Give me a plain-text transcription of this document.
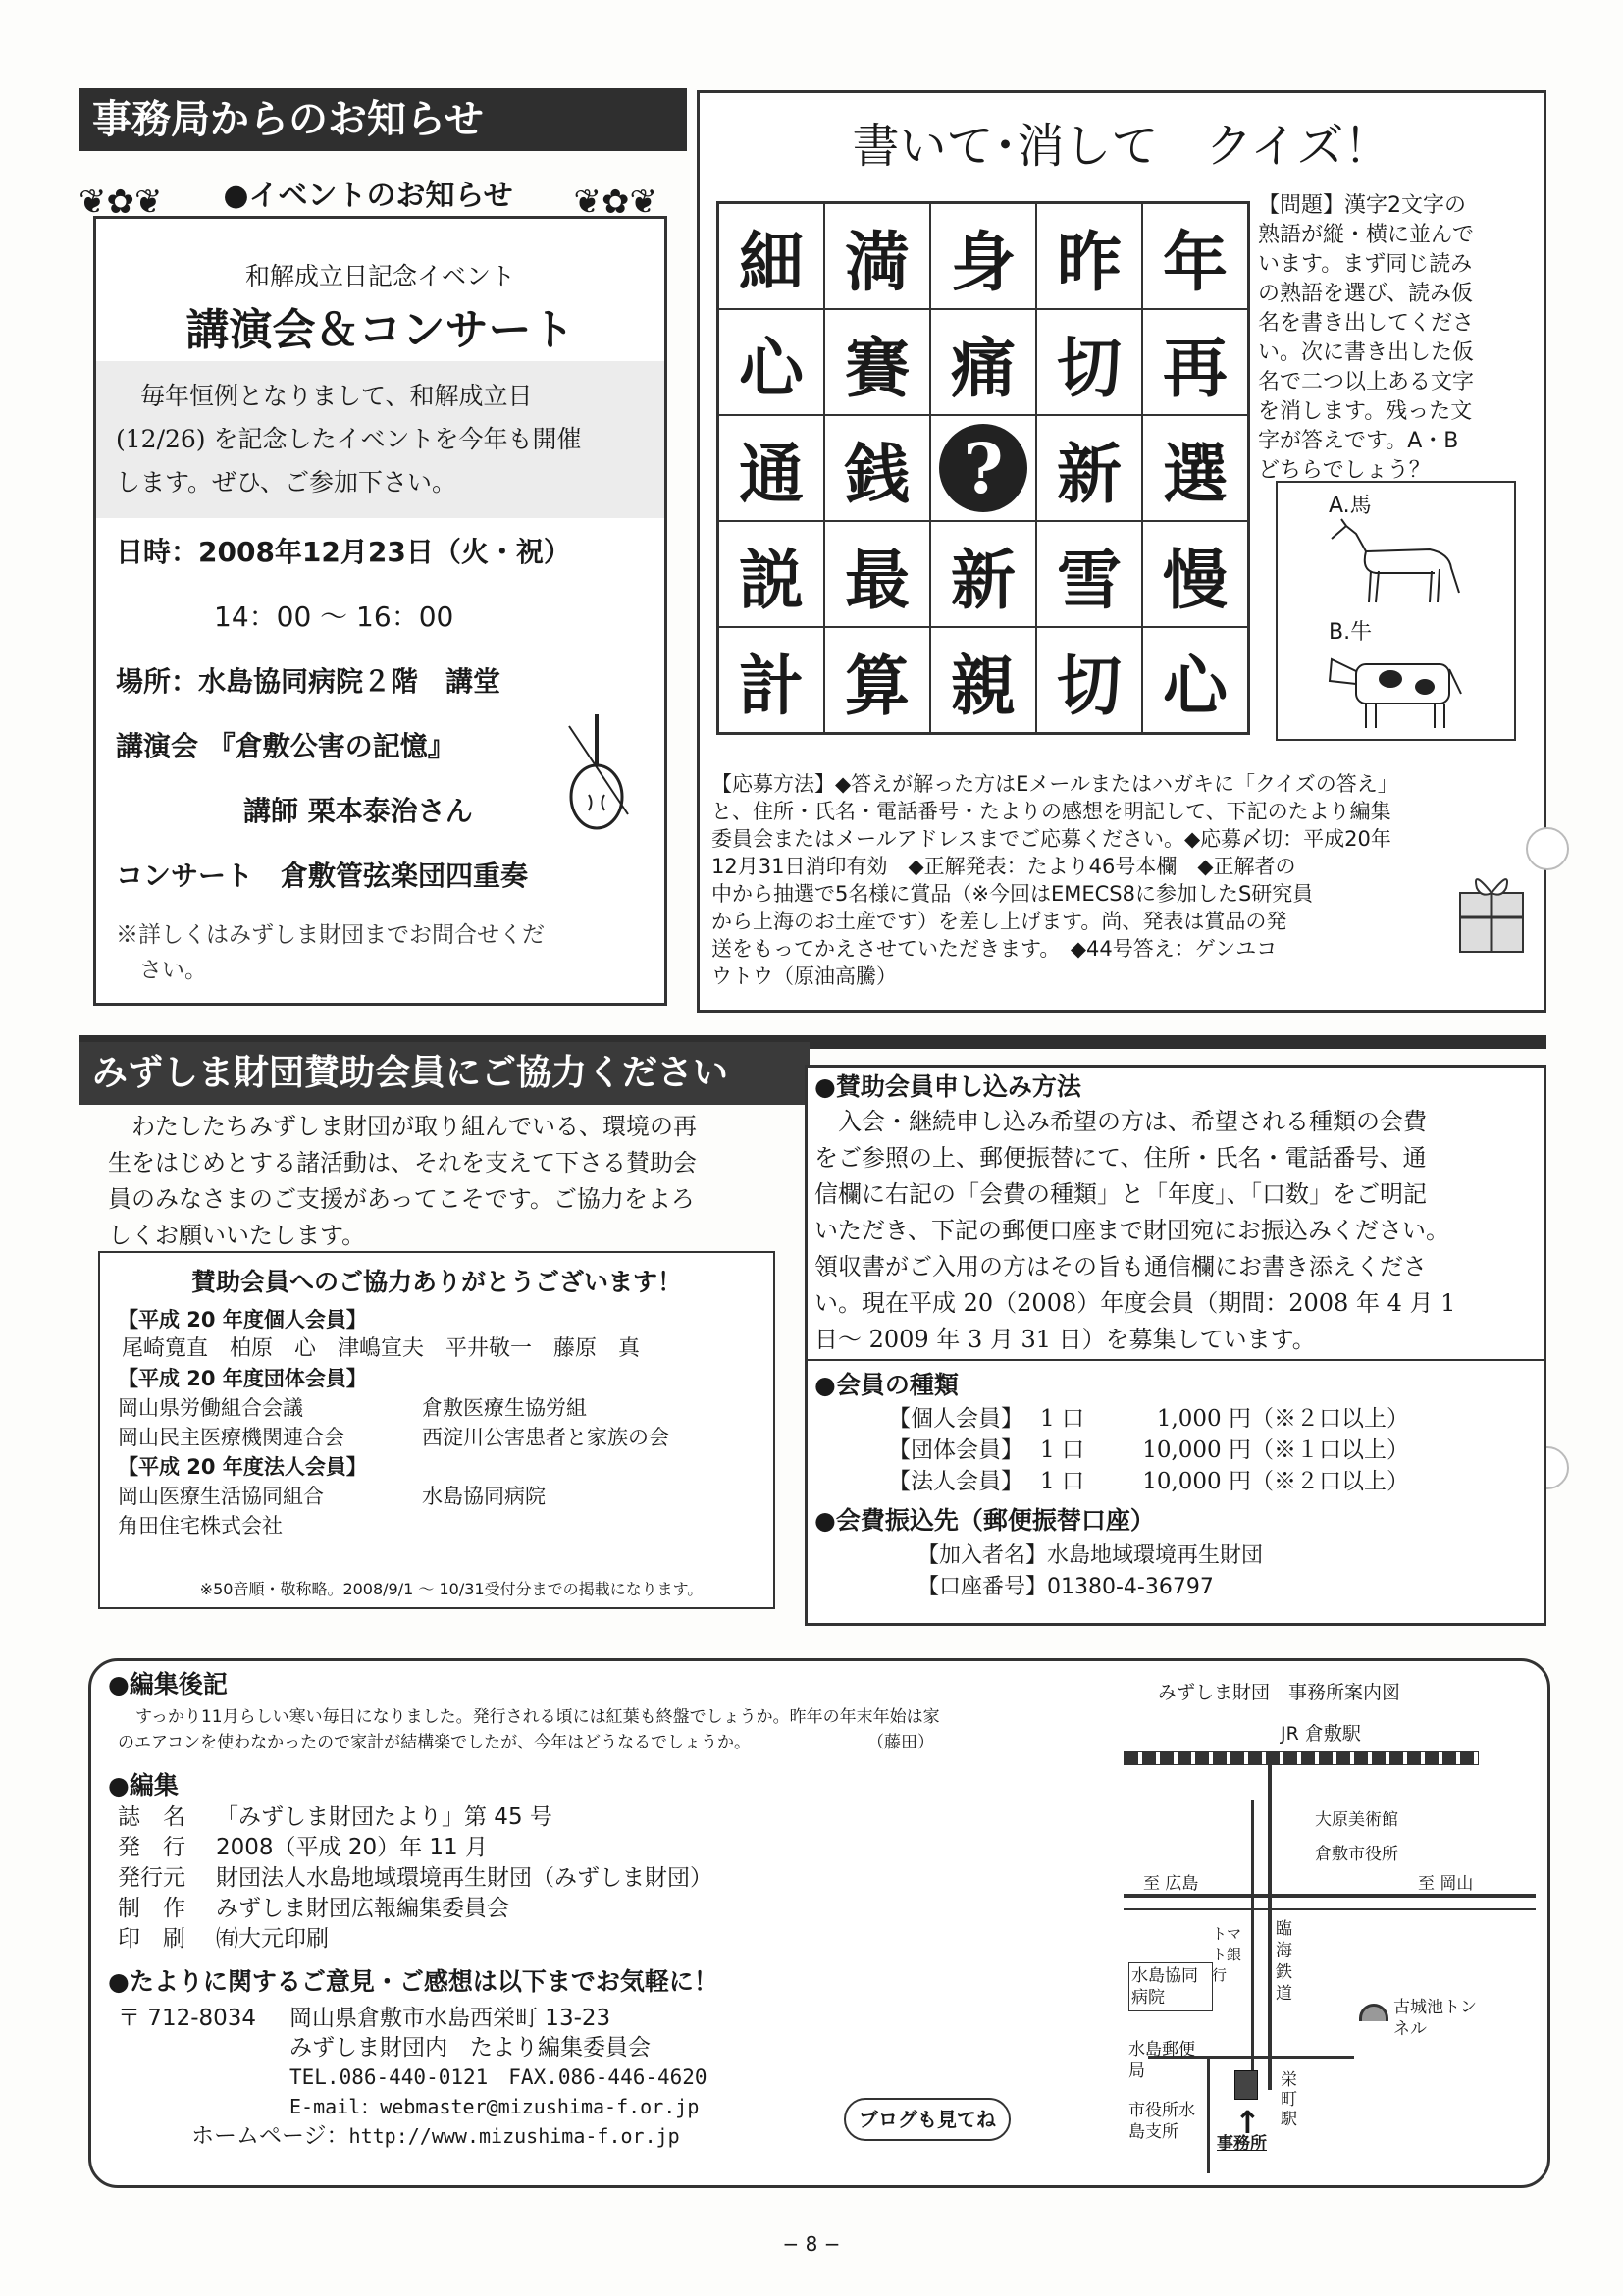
事務局からのお知らせ
❦✿❦ ●イベントのお知らせ ❦✿❦
和解成立日記念イベント
講演会＆コンサート
毎年恒例となりまして、和解成立日
(12/26) を記念したイベントを今年も開催
します。ぜひ、ご参加下さい。
日時：2008年12月23日（火・祝）
14：00 〜 16：00
場所：水島協同病院２階　講堂
講演会 『倉敷公害の記憶』
講師 栗本泰治さん
コンサート　倉敷管弦楽団四重奏
※詳しくはみずしま財団までお問合せくだ
さい。
書いて･消して　クイズ！
細 満 身 昨 年
心 賽 痛 切 再
通 銭 ? 新 選
説 最 新 雪 慢
計 算 親 切 心
【問題】漢字2文字の
熟語が縦・横に並んで
います。まず同じ読み
の熟語を選び、読み仮
名を書き出してくださ
い。次に書き出した仮
名で二つ以上ある文字
を消します。残った文
字が答えです。A・B
どちらでしょう？
A.馬
B.牛
【応募方法】◆答えが解った方はEメールまたはハガキに「クイズの答え」
と、住所・氏名・電話番号・たよりの感想を明記して、下記のたより編集
委員会またはメールアドレスまでご応募ください。◆応募〆切：平成20年
12月31日消印有効　◆正解発表：たより46号本欄　◆正解者の
中から抽選で5名様に賞品（※今回はEMECS8に参加したS研究員
から上海のお土産です）を差し上げます。尚、発表は賞品の発
送をもってかえさせていただきます。　◆44号答え：ゲンユコ
ウトウ（原油高騰）
みずしま財団賛助会員にご協力ください
わたしたちみずしま財団が取り組んでいる、環境の再
生をはじめとする諸活動は、それを支えて下さる賛助会
員のみなさまのご支援があってこそです。ご協力をよろ
しくお願いいたします。
賛助会員へのご協力ありがとうございます！
【平成 20 年度個人会員】
尾崎寛直　柏原　心　津嶋宣夫　平井敬一　藤原　真
【平成 20 年度団体会員】
岡山県労働組合会議	倉敷医療生協労組
岡山民主医療機関連合会	西淀川公害患者と家族の会
【平成 20 年度法人会員】
岡山医療生活協同組合	水島協同病院
角田住宅株式会社
※50音順・敬称略。2008/9/1 〜 10/31受付分までの掲載になります。
●賛助会員申し込み方法
入会・継続申し込み希望の方は、希望される種類の会費
をご参照の上、郵便振替にて、住所・氏名・電話番号、通
信欄に右記の「会費の種類」と「年度」、「口数」をご明記
いただき、下記の郵便口座まで財団宛にお振込みください。
領収書がご入用の方はその旨も通信欄にお書き添えくださ
い。現在平成 20（2008）年度会員（期間：2008 年 4 月 1
日〜 2009 年 3 月 31 日）を募集しています。
●会員の種類
【個人会員】 1 口	1,000 円（※２口以上）
【団体会員】 1 口	10,000 円（※１口以上）
【法人会員】 1 口	10,000 円（※２口以上）
●会費振込先（郵便振替口座）
【加入者名】水島地域環境再生財団
【口座番号】01380-4-36797
●編集後記
すっかり11月らしい寒い毎日になりました。発行される頃には紅葉も終盤でしょうか。昨年の年末年始は家
のエアコンを使わなかったので家計が結構楽でしたが、今年はどうなるでしょうか。　　　　　　　　（藤田）
●編集
誌　名 「みずしま財団たより」第 45 号
発　行 2008（平成 20）年 11 月
発行元 財団法人水島地域環境再生財団（みずしま財団）
制　作 みずしま財団広報編集委員会
印　刷 ㈲大元印刷
●たよりに関するご意見・ご感想は以下までお気軽に！
〒 712-8034 岡山県倉敷市水島西栄町 13-23
みずしま財団内　たより編集委員会
TEL.086-440-0121　FAX.086-446-4620
E-mail：webmaster@mizushima-f.or.jp
ホームページ：http://www.mizushima-f.or.jp
ブログも見てね
みずしま財団　事務所案内図
JR 倉敷駅
大原美術館
倉敷市役所
至 広島	至 岡山
トマト銀行
臨海鉄道
水島協同病院
水島郵便局
古城池トンネル
市役所水島支所
栄町駅
↑
事務所
− 8 −
